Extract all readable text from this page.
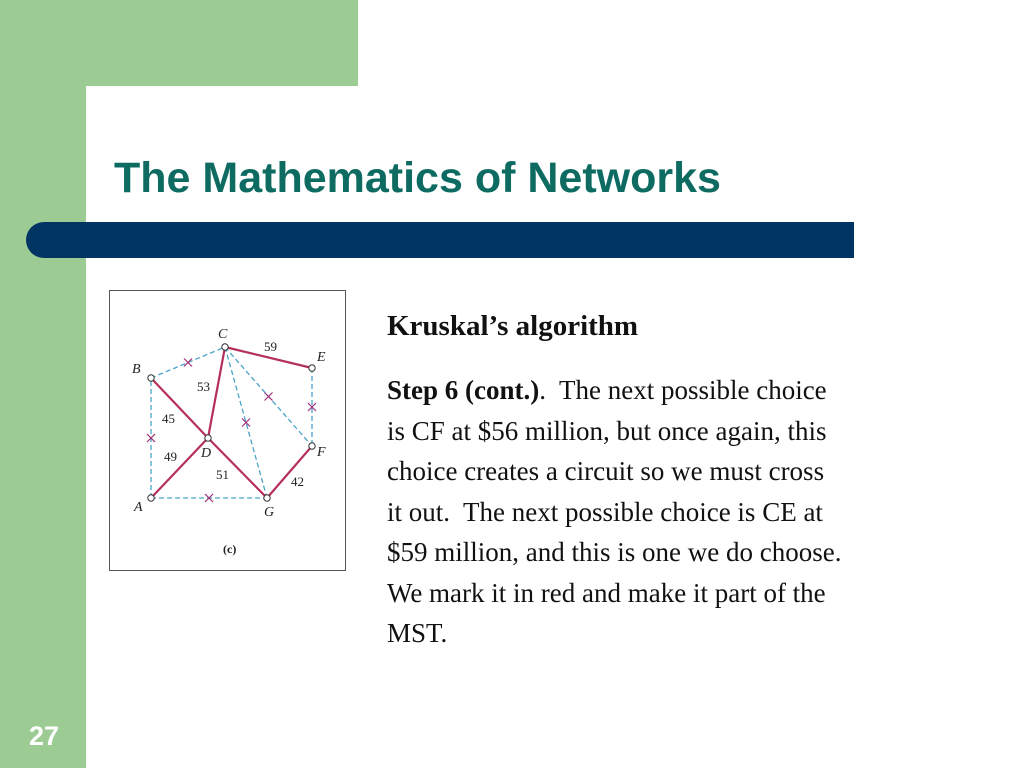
The Mathematics of Networks
27
59
53
45
49
51	42
A
B
C
D
E
F
G
(c)
Kruskal’s algorithm
Step 6 (cont.).  The next possible choice
is CF at $56 million, but once again, this
choice creates a circuit so we must cross
it out.  The next possible choice is CE at
$59 million, and this is one we do choose.
We mark it in red and make it part of the
MST.
